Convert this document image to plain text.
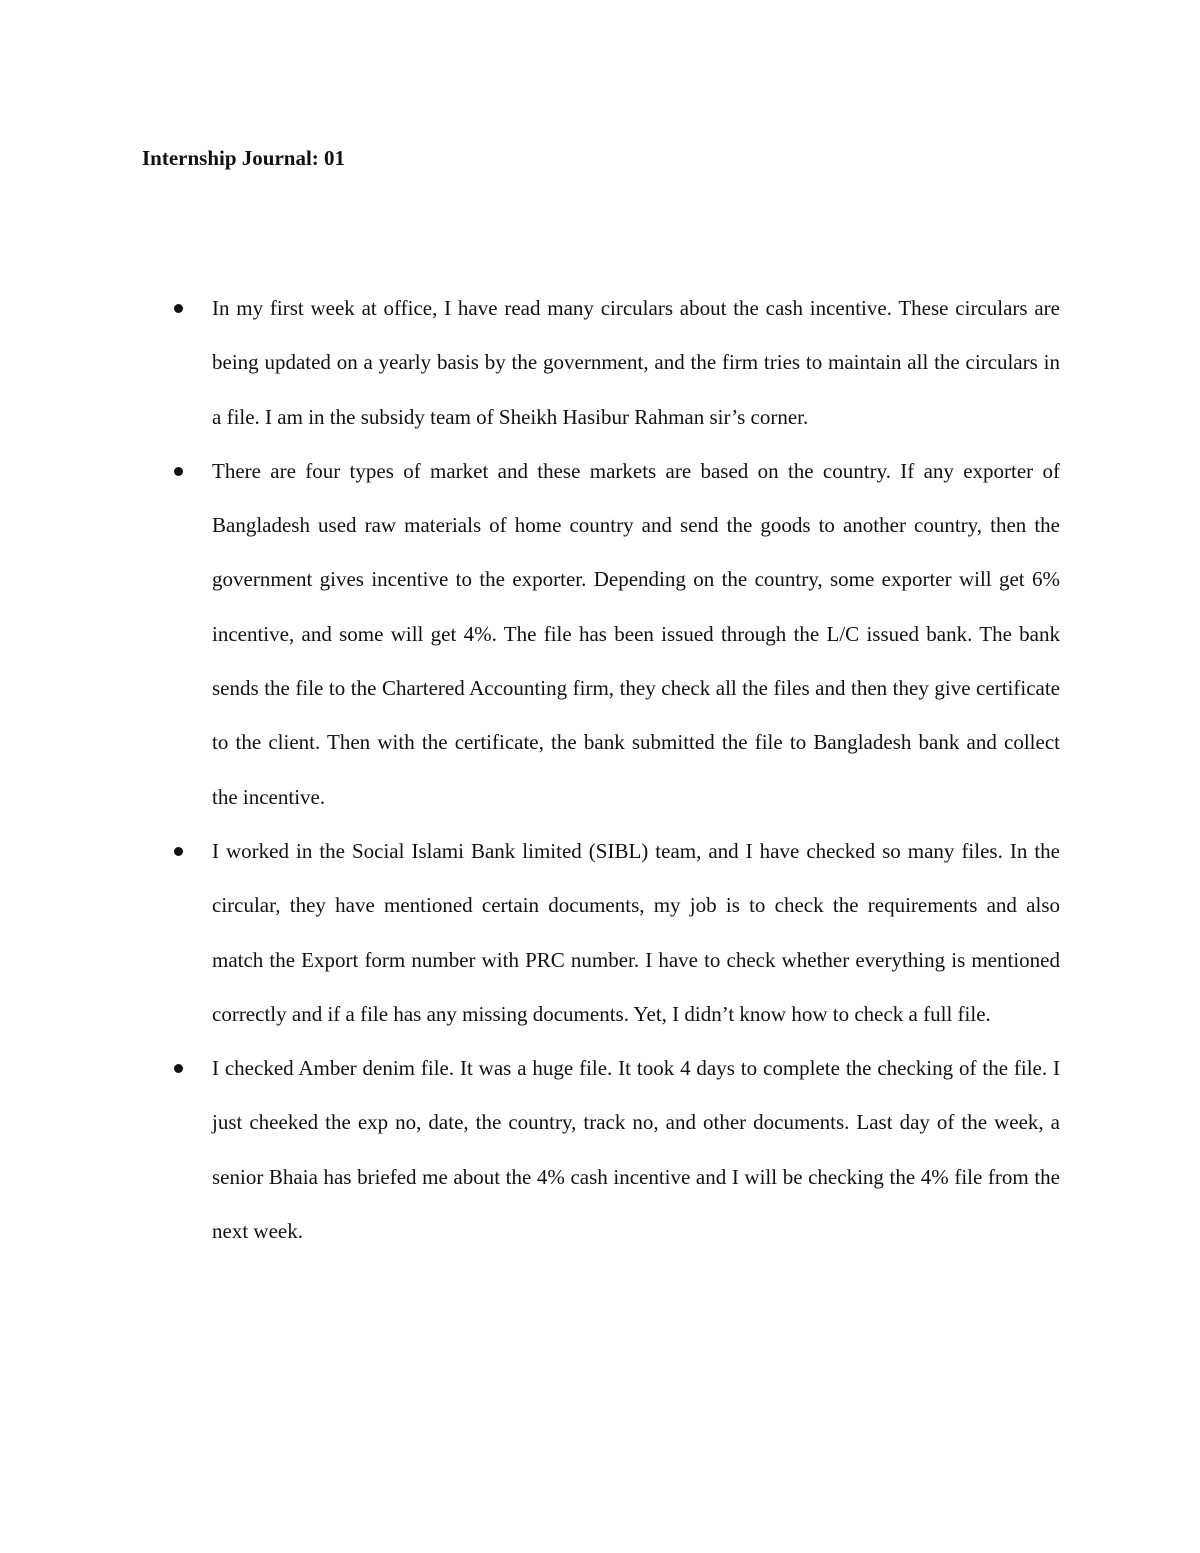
Internship Journal: 01
In my first week at office, I have read many circulars about the cash incentive. These circulars are being updated on a yearly basis by the government, and the firm tries to maintain all the circulars in a file. I am in the subsidy team of Sheikh Hasibur Rahman sir’s corner.
There are four types of market and these markets are based on the country. If any exporter of Bangladesh used raw materials of home country and send the goods to another country, then the government gives incentive to the exporter. Depending on the country, some exporter will get 6% incentive, and some will get 4%. The file has been issued through the L/C issued bank. The bank sends the file to the Chartered Accounting firm, they check all the files and then they give certificate to the client. Then with the certificate, the bank submitted the file to Bangladesh bank and collect the incentive.
I worked in the Social Islami Bank limited (SIBL) team, and I have checked so many files. In the circular, they have mentioned certain documents, my job is to check the requirements and also match the Export form number with PRC number. I have to check whether everything is mentioned correctly and if a file has any missing documents. Yet, I didn’t know how to check a full file.
I checked Amber denim file. It was a huge file. It took 4 days to complete the checking of the file. I just cheeked the exp no, date, the country, track no, and other documents. Last day of the week, a senior Bhaia has briefed me about the 4% cash incentive and I will be checking the 4% file from the next week.
